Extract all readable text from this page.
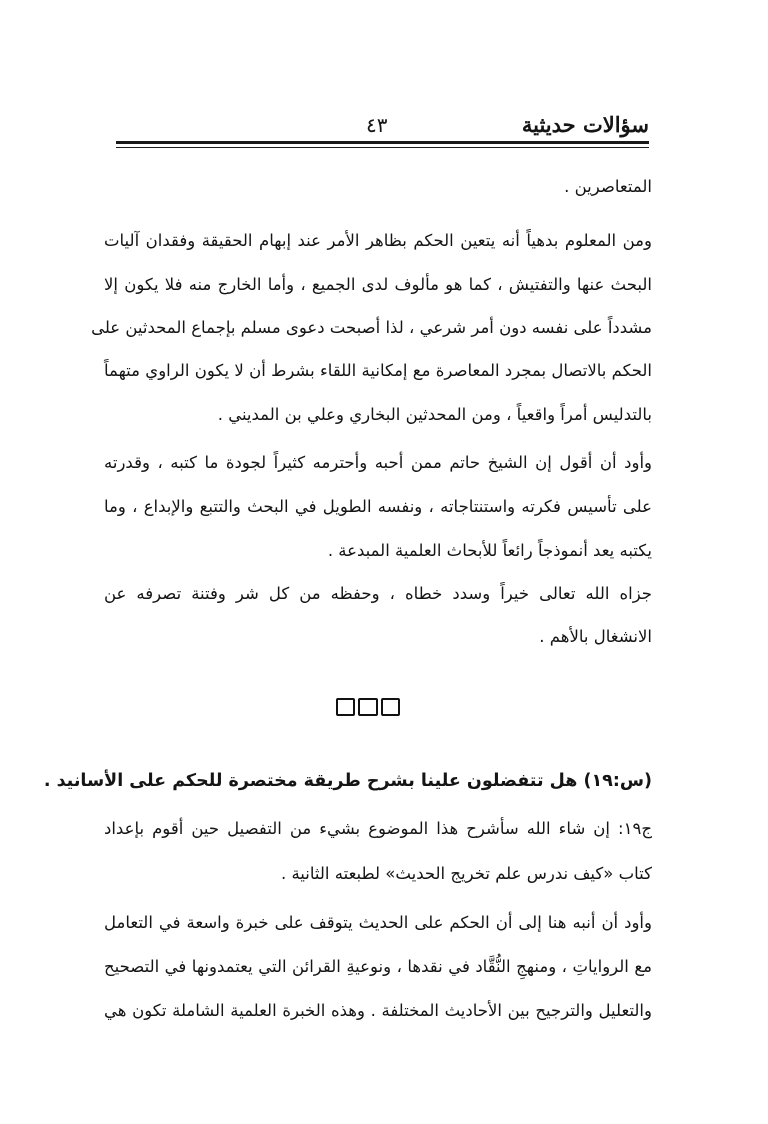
سؤالات حديثية
٤٣
المتعاصرين .
ومن المعلوم بدهياً أنه يتعين الحكم بظاهر الأمر عند إبهام الحقيقة وفقدان آليات
البحث عنها والتفتيش ، كما هو مألوف لدى الجميع ، وأما الخارج منه فلا يكون إلا
مشدداً على نفسه دون أمر شرعي ، لذا أصبحت دعوى مسلم بإجماع المحدثين على
الحكم بالاتصال بمجرد المعاصرة مع إمكانية اللقاء بشرط أن لا يكون الراوي متهماً
بالتدليس أمراً واقعياً ، ومن المحدثين البخاري وعلي بن المديني .
وأود أن أقول إن الشيخ حاتم ممن أحبه وأحترمه كثيراً لجودة ما كتبه ، وقدرته
على تأسيس فكرته واستنتاجاته ، ونفسه الطويل في البحث والتتبع والإبداع ، وما
يكتبه يعد أنموذجاً رائعاً للأبحاث العلمية المبدعة .
جزاه الله تعالى خيراً وسدد خطاه ، وحفظه من كل شر وفتنة تصرفه عن
الانشغال بالأهم .
(س:١٩) هل تتفضلون علينا بشرح طريقة مختصرة للحكم على الأسانيد .
ج١٩: إن شاء الله سأشرح هذا الموضوع بشيء من التفصيل حين أقوم بإعداد
كتاب «كيف ندرس علم تخريج الحديث» لطبعته الثانية .
وأود أن أنبه هنا إلى أن الحكم على الحديث يتوقف على خبرة واسعة في التعامل
مع الرواياتِ ، ومنهجِ النُّقَّاد في نقدها ، ونوعيةِ القرائن التي يعتمدونها في التصحيح
والتعليل والترجيح بين الأحاديث المختلفة . وهذه الخبرة العلمية الشاملة تكون هي
